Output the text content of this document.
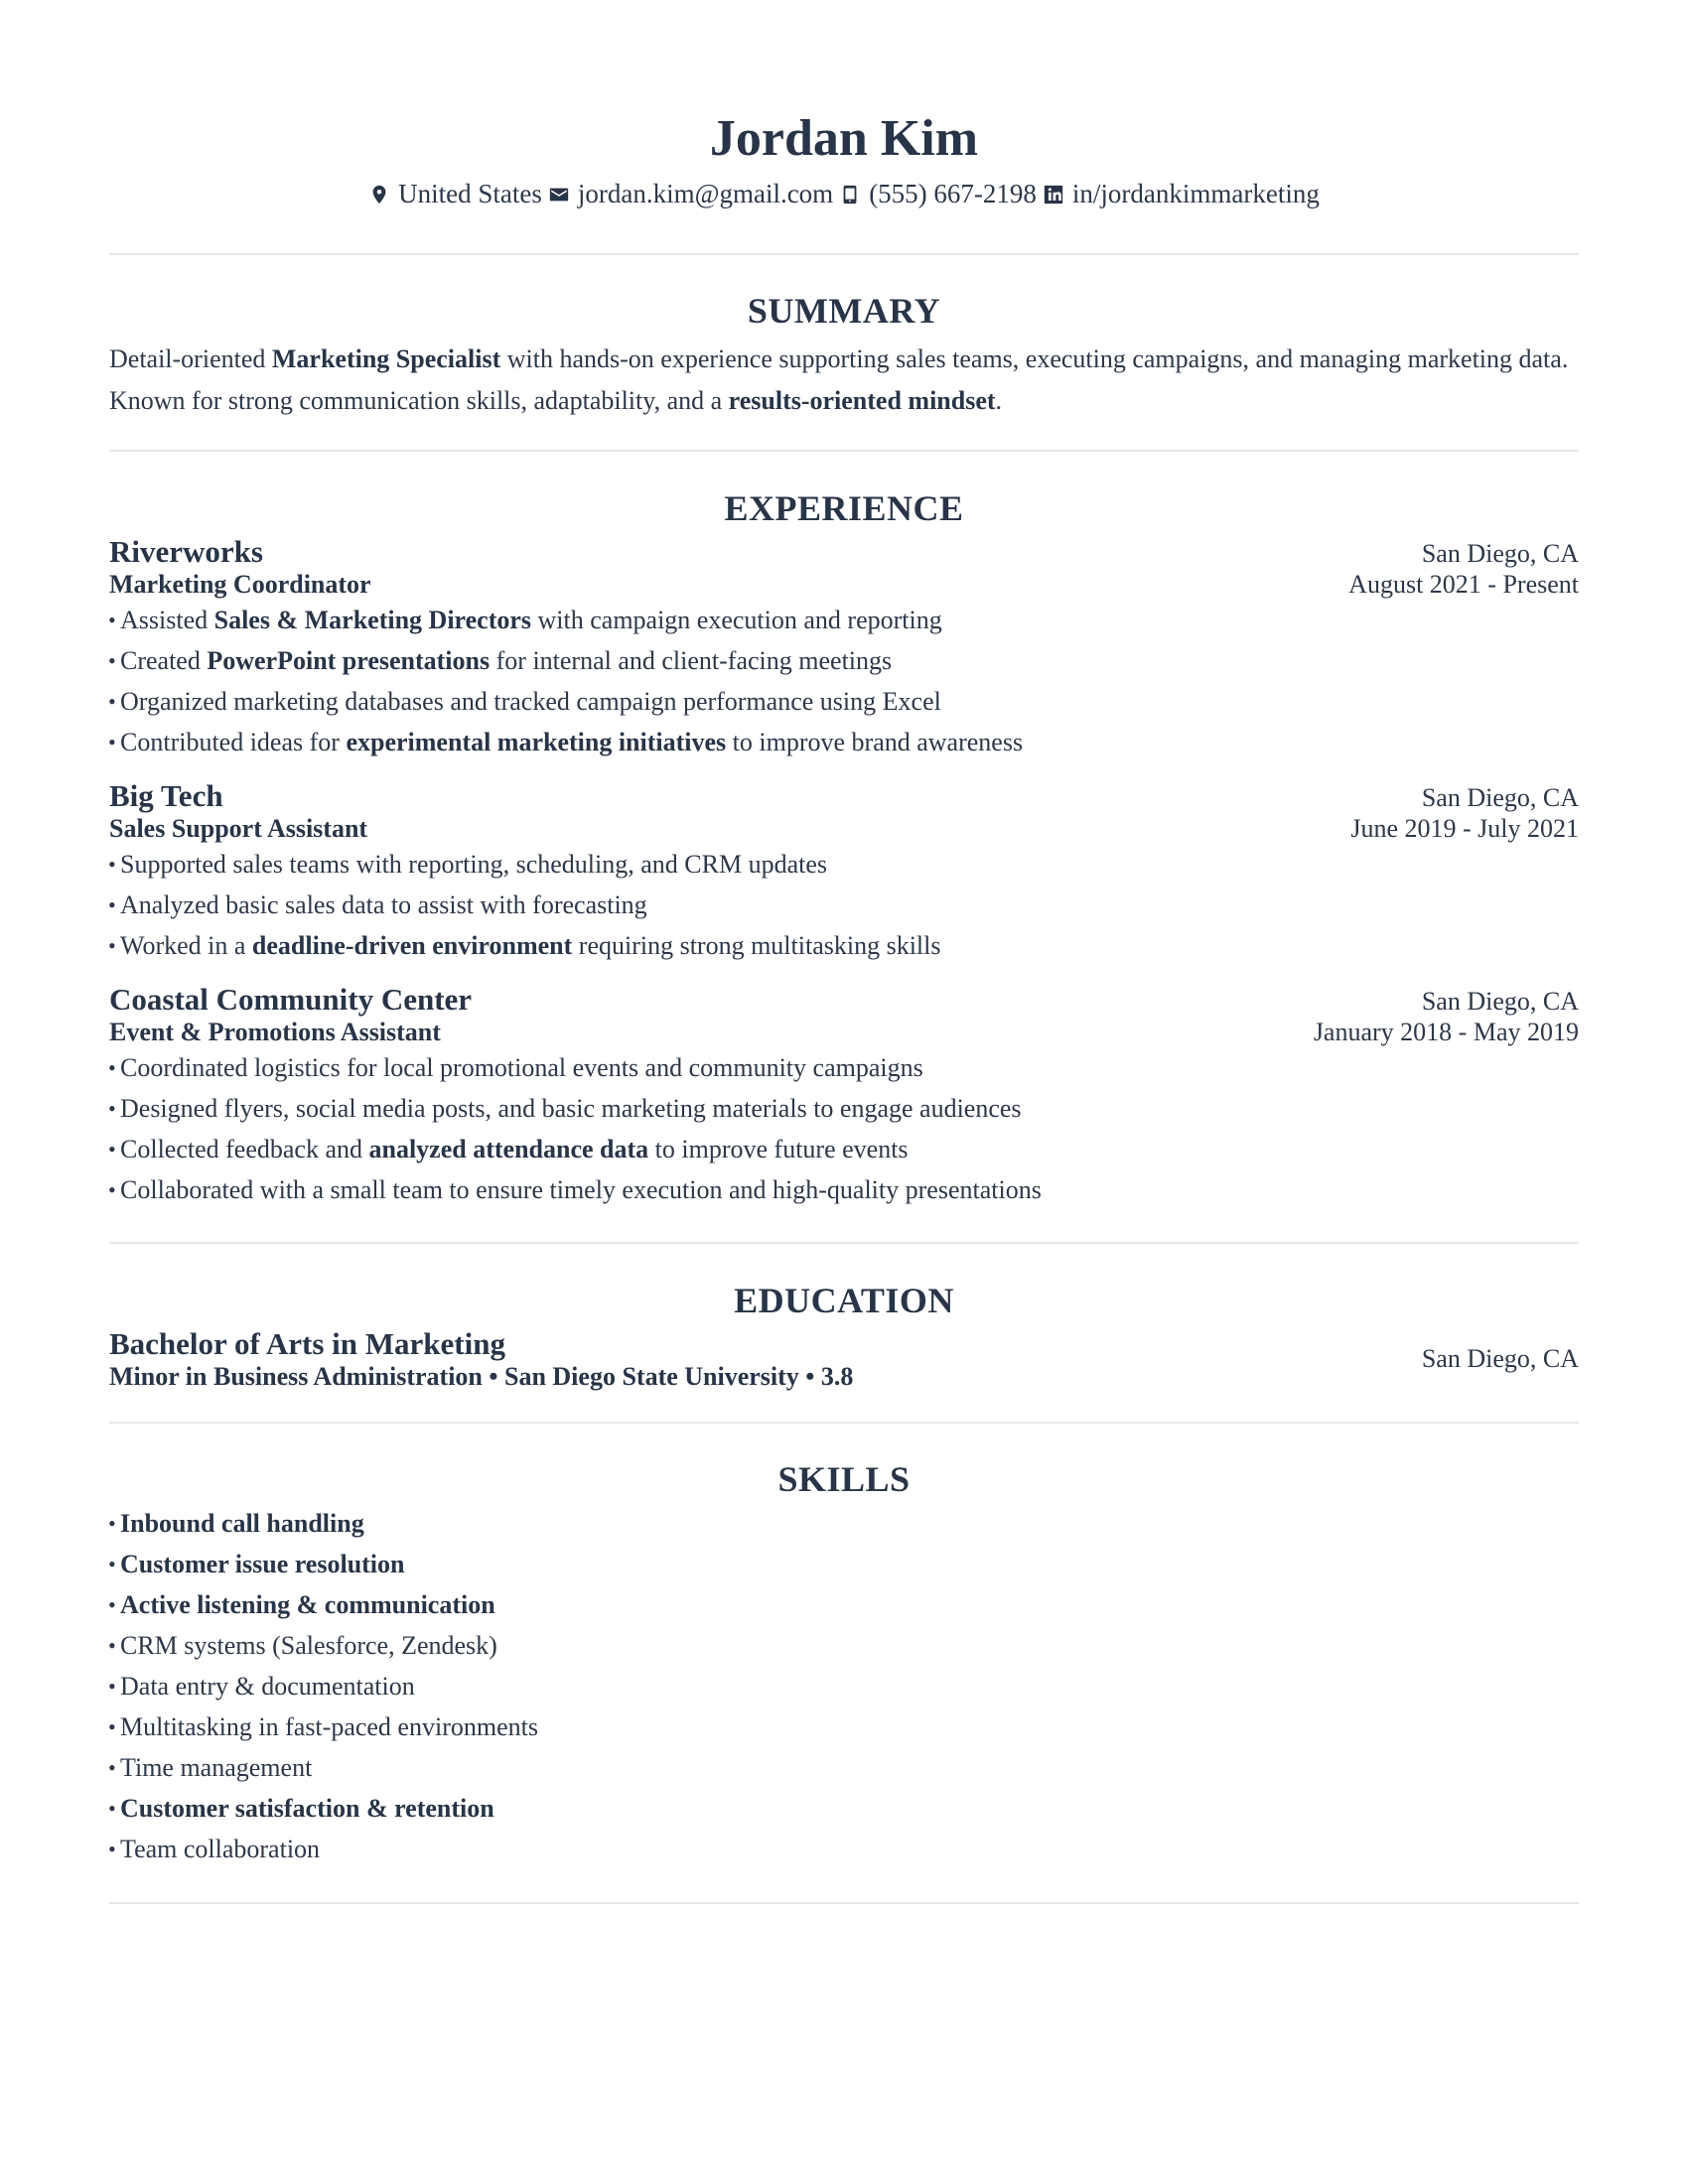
Jordan Kim
United States jordan.kim@gmail.com (555) 667-2198 in/jordankimmarketing
SUMMARY

Detail-oriented Marketing Specialist with hands-on experience supporting sales teams, executing campaigns, and managing marketing data. Known for strong communication skills, adaptability, and a results-oriented mindset.

EXPERIENCE
Riverworks	San Diego, CA
Marketing Coordinator	August 2021 - Present
• Assisted Sales & Marketing Directors with campaign execution and reporting
• Created PowerPoint presentations for internal and client-facing meetings
• Organized marketing databases and tracked campaign performance using Excel
• Contributed ideas for experimental marketing initiatives to improve brand awareness
Big Tech	San Diego, CA
Sales Support Assistant	June 2019 - July 2021
• Supported sales teams with reporting, scheduling, and CRM updates
• Analyzed basic sales data to assist with forecasting
• Worked in a deadline-driven environment requiring strong multitasking skills
Coastal Community Center	San Diego, CA
Event & Promotions Assistant	January 2018 - May 2019
• Coordinated logistics for local promotional events and community campaigns
• Designed flyers, social media posts, and basic marketing materials to engage audiences
• Collected feedback and analyzed attendance data to improve future events
• Collaborated with a small team to ensure timely execution and high-quality presentations
EDUCATION
Bachelor of Arts in Marketing
Minor in Business Administration • San Diego State University • 3.8
San Diego, CA
SKILLS
• Inbound call handling
• Customer issue resolution
• Active listening & communication
• CRM systems (Salesforce, Zendesk)
• Data entry & documentation
• Multitasking in fast-paced environments
• Time management
• Customer satisfaction & retention
• Team collaboration
